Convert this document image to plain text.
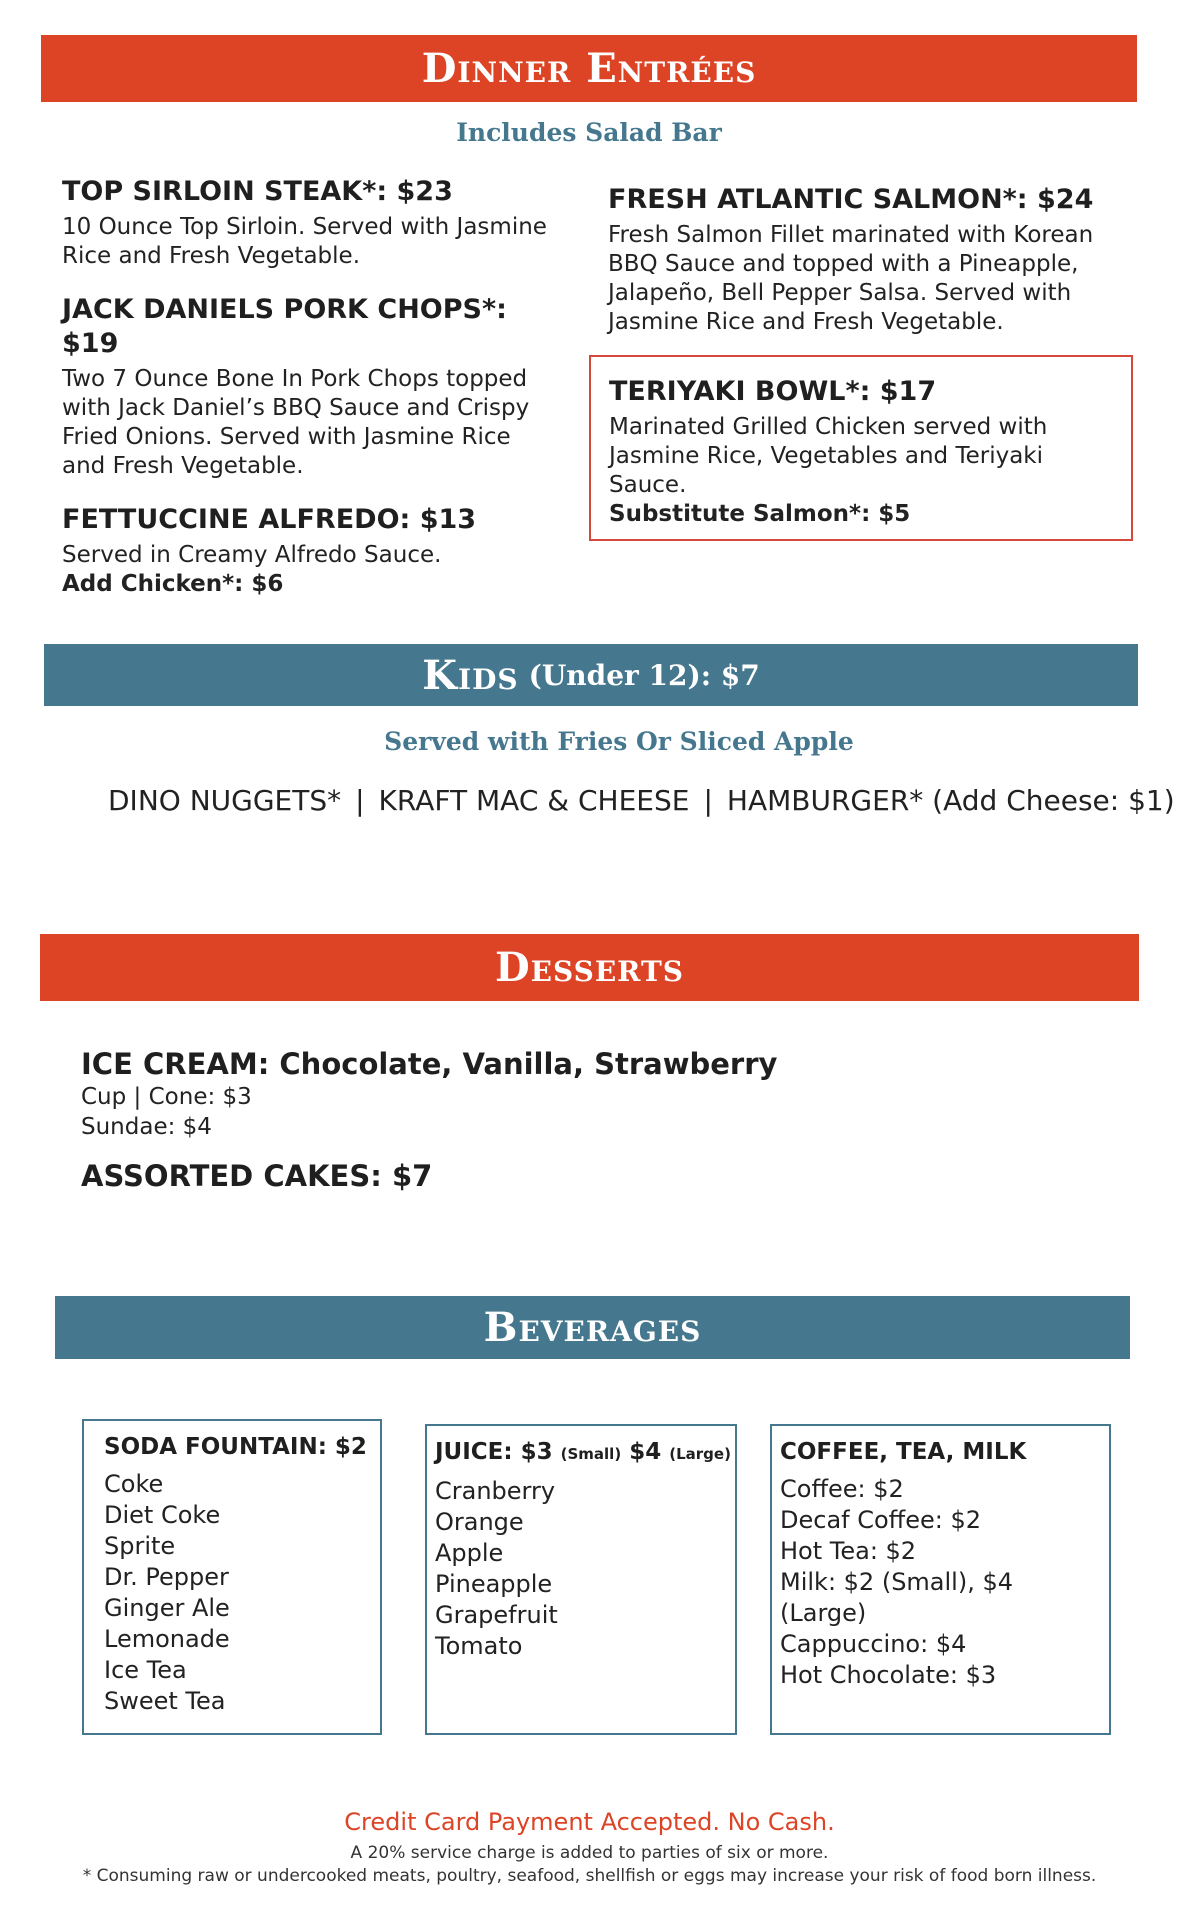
Dinner Entrées
Includes Salad Bar

TOP SIRLOIN STEAK*: $23

10 Ounce Top Sirloin. Served with Jasmine Rice and Fresh Vegetable.

JACK DANIELS PORK CHOPS*: $19

Two 7 Ounce Bone In Pork Chops topped with Jack Daniel’s BBQ Sauce and Crispy Fried Onions. Served with Jasmine Rice and Fresh Vegetable.

FETTUCCINE ALFREDO: $13

Served in Creamy Alfredo Sauce.

Add Chicken*: $6

FRESH ATLANTIC SALMON*: $24

Fresh Salmon Fillet marinated with Korean BBQ Sauce and topped with a Pineapple, Jalapeño, Bell Pepper Salsa. Served with Jasmine Rice and Fresh Vegetable.

TERIYAKI BOWL*: $17

Marinated Grilled Chicken served with Jasmine Rice, Vegetables and Teriyaki Sauce.

Substitute Salmon*: $5

Kids (Under 12): $7
Served with Fries Or Sliced Apple
DINO NUGGETS* | KRAFT MAC & CHEESE | HAMBURGER* (Add Cheese: $1)
Desserts

ICE CREAM: Chocolate, Vanilla, Strawberry

Cup | Cone: $3

Sundae: $4

ASSORTED CAKES: $7

Beverages

SODA FOUNTAIN: $2

Coke
Diet Coke
Sprite
Dr. Pepper
Ginger Ale
Lemonade
Ice Tea
Sweet Tea

JUICE: $3 (Small) $4 (Large)

Cranberry
Orange
Apple
Pineapple
Grapefruit
Tomato

COFFEE, TEA, MILK

Coffee: $2
Decaf Coffee: $2
Hot Tea: $2
Milk: $2 (Small), $4 (Large)
Cappuccino: $4
Hot Chocolate: $3
Credit Card Payment Accepted. No Cash.
A 20% service charge is added to parties of six or more.
* Consuming raw or undercooked meats, poultry, seafood, shellfish or eggs may increase your risk of food born illness.
